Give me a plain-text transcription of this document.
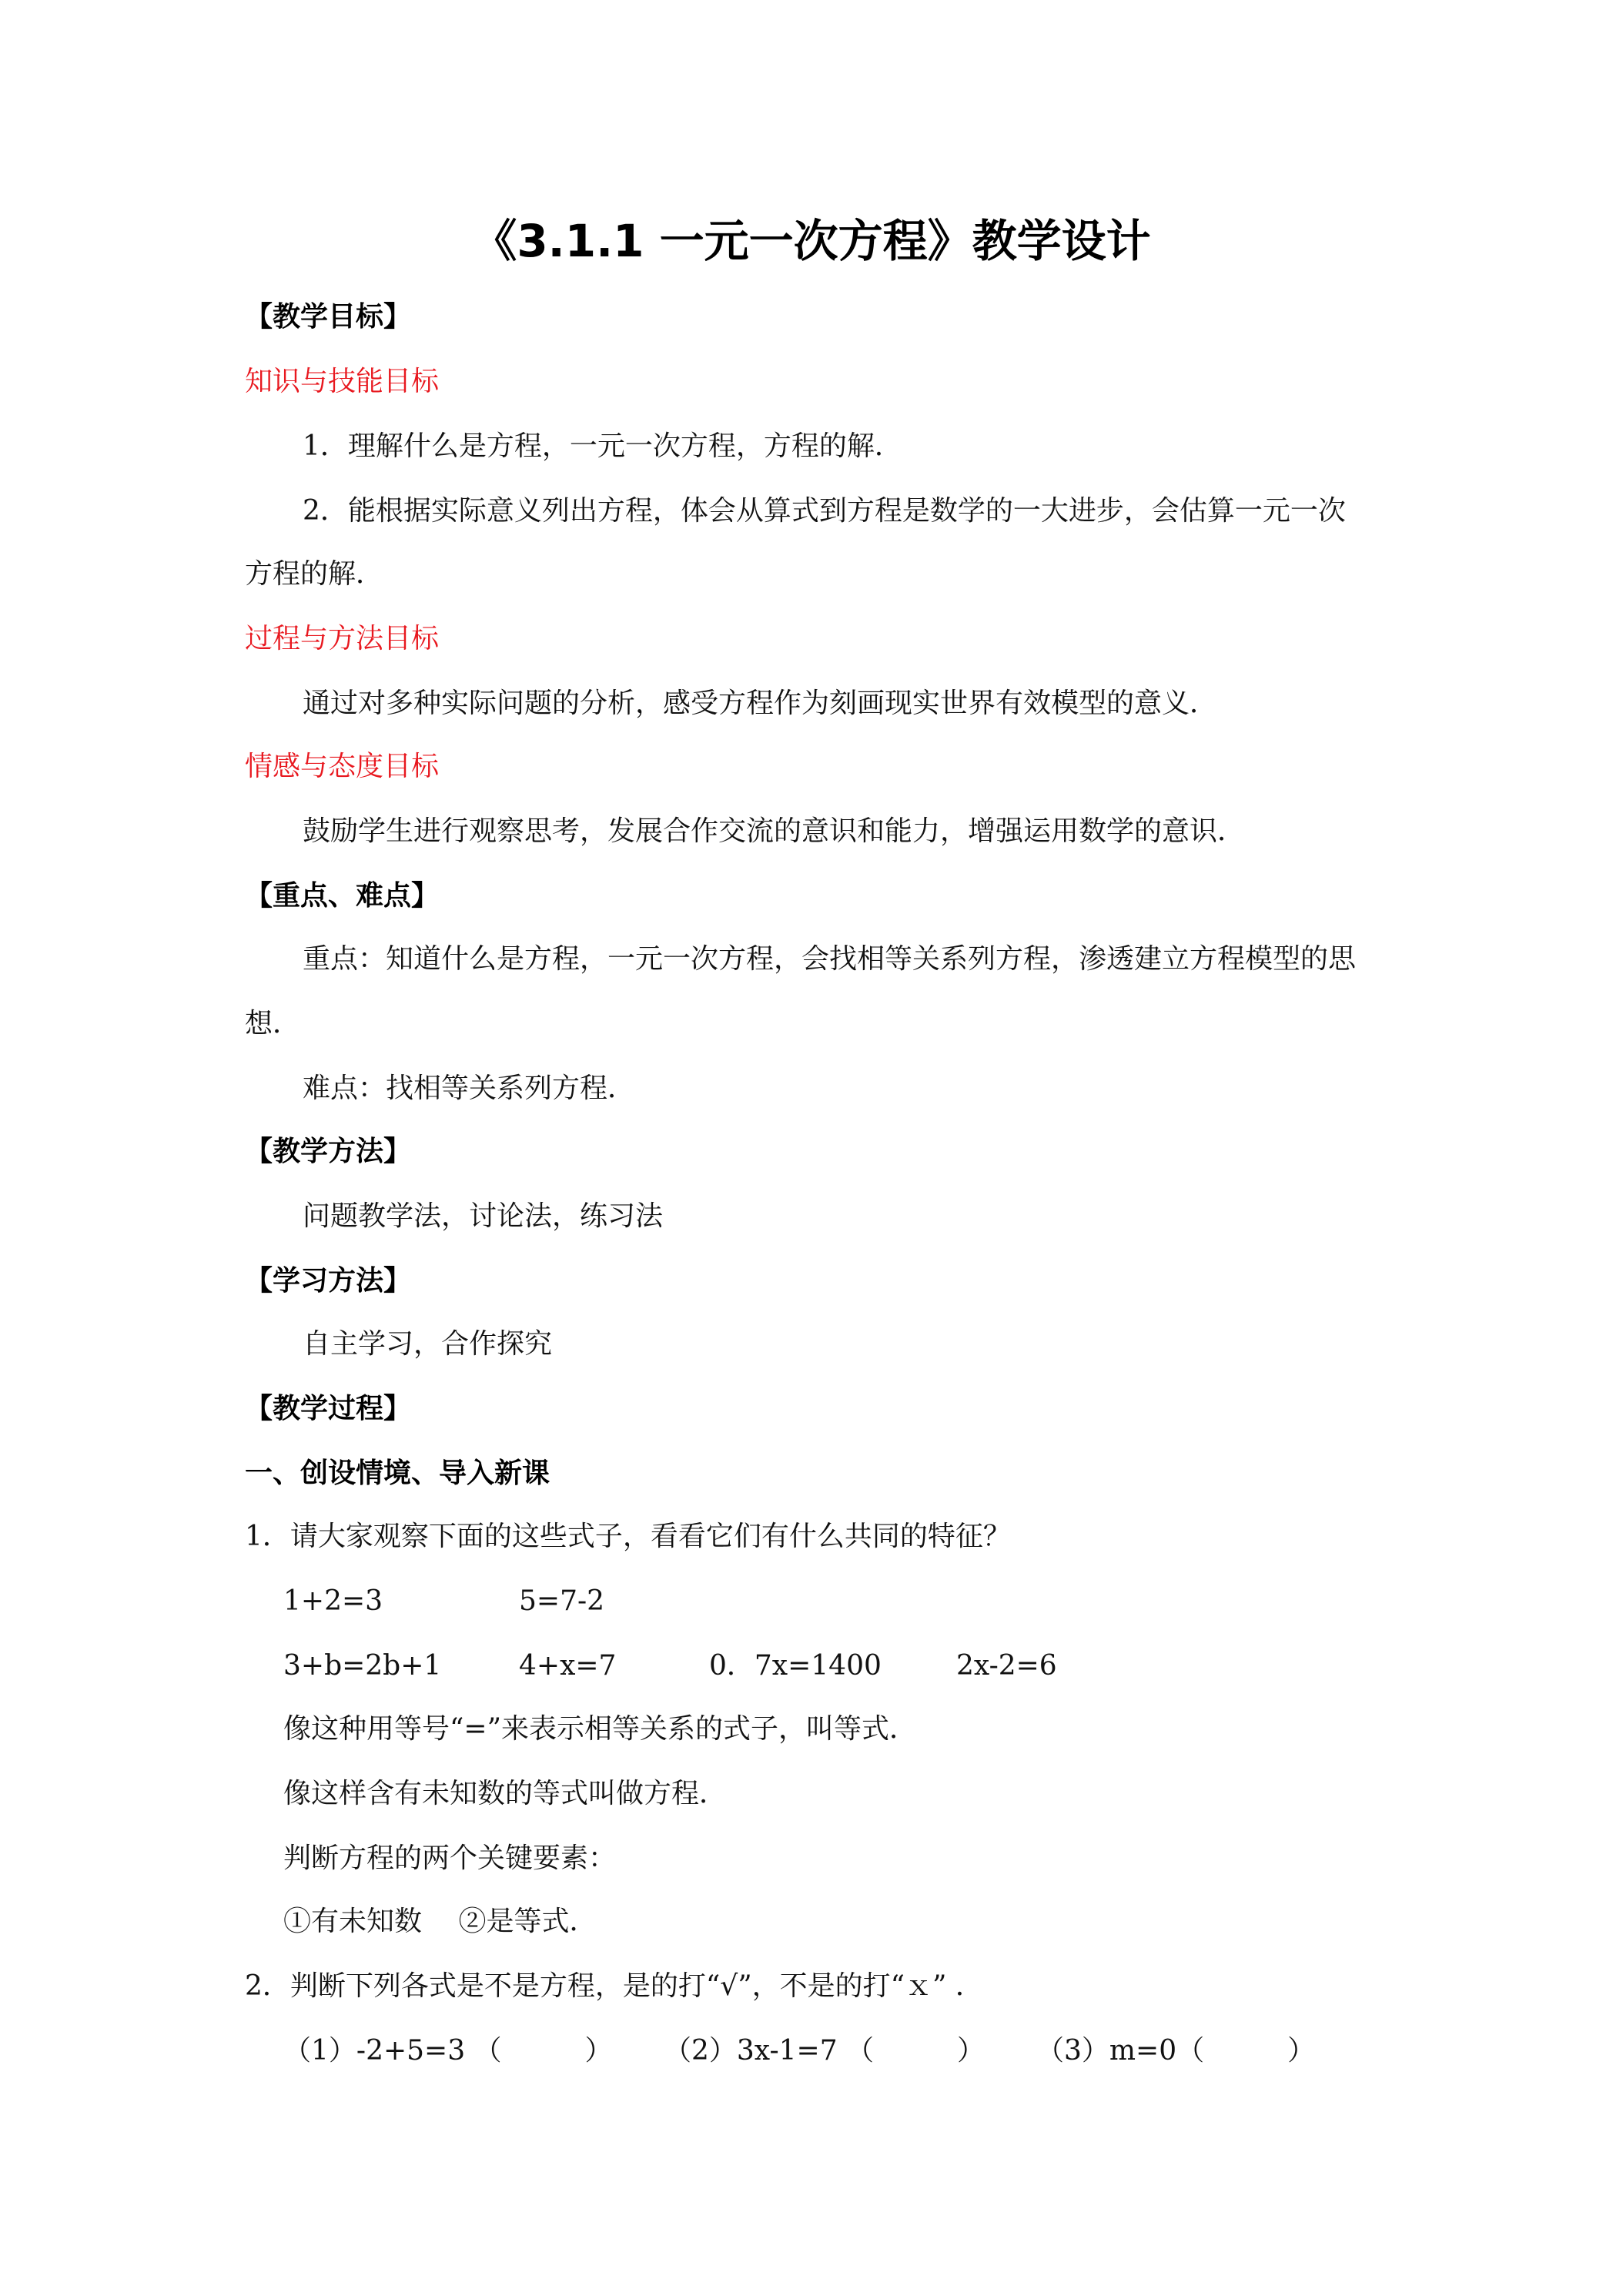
《3.1.1 一元一次方程》教学设计
【教学目标】
知识与技能目标
1．理解什么是方程，一元一次方程，方程的解．
2．能根据实际意义列出方程，体会从算式到方程是数学的一大进步，会估算一元一次
方程的解．
过程与方法目标
通过对多种实际问题的分析，感受方程作为刻画现实世界有效模型的意义．
情感与态度目标
鼓励学生进行观察思考，发展合作交流的意识和能力，增强运用数学的意识．
【重点、难点】
重点：知道什么是方程，一元一次方程，会找相等关系列方程，渗透建立方程模型的思
想．
难点：找相等关系列方程．
【教学方法】
问题教学法，讨论法，练习法
【学习方法】
自主学习，合作探究
【教学过程】
一、创设情境、导入新课
1．请大家观察下面的这些式子，看看它们有什么共同的特征？
1+2=3	5=7-2
3+b=2b+1	4+x=7	0．7x=1400	2x-2=6
像这种用等号“=”来表示相等关系的式子，叫等式．
像这样含有未知数的等式叫做方程．
判断方程的两个关键要素：
①有未知数　 ②是等式．
2．判断下列各式是不是方程，是的打“√”，不是的打“ｘ” ．
（1）-2+5=3 （　　　） （2）3x-1=7 （　　　） （3）m=0（　　　）
